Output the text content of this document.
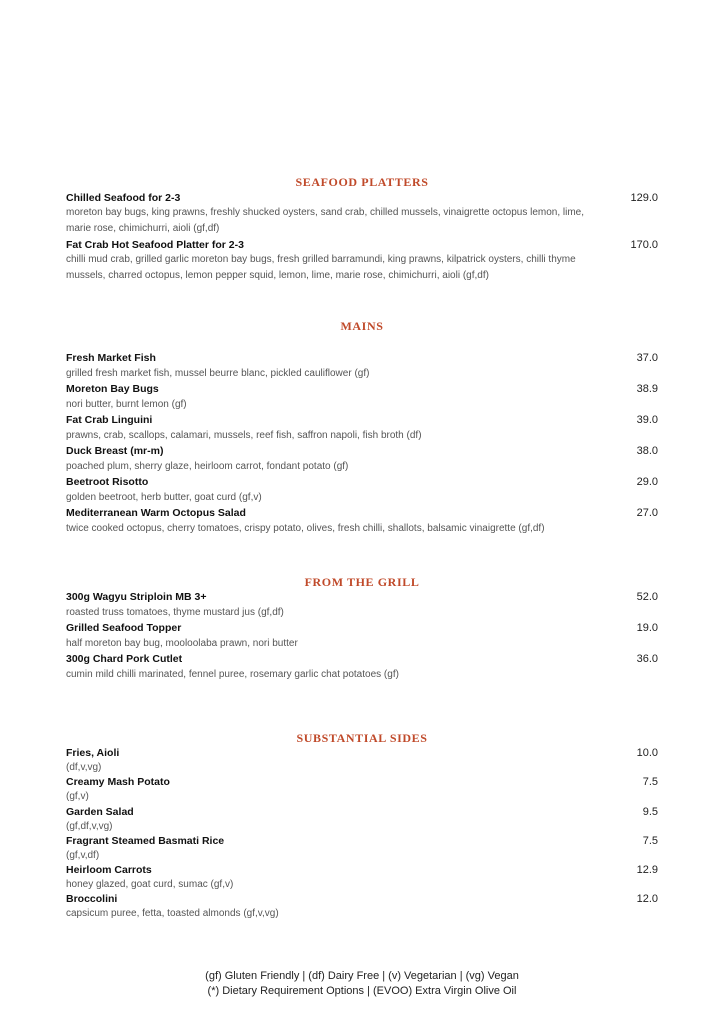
SEAFOOD PLATTERS
Chilled Seafood for 2-3	129.0
moreton bay bugs, king prawns, freshly shucked oysters, sand crab, chilled mussels, vinaigrette octopus lemon, lime, marie rose, chimichurri, aioli (gf,df)
Fat Crab Hot Seafood Platter for 2-3	170.0
chilli mud crab, grilled garlic moreton bay bugs, fresh grilled barramundi, king prawns, kilpatrick oysters, chilli thyme mussels, charred octopus, lemon pepper squid, lemon, lime, marie rose, chimichurri, aioli (gf,df)
MAINS
Fresh Market Fish	37.0
grilled fresh market fish, mussel beurre blanc, pickled cauliflower (gf)
Moreton Bay Bugs	38.9
nori butter, burnt lemon (gf)
Fat Crab Linguini	39.0
prawns, crab, scallops, calamari, mussels, reef fish, saffron napoli, fish broth (df)
Duck Breast (mr-m)	38.0
poached plum, sherry glaze, heirloom carrot, fondant potato (gf)
Beetroot Risotto	29.0
golden beetroot, herb butter, goat curd (gf,v)
Mediterranean Warm Octopus Salad	27.0
twice cooked octopus, cherry tomatoes, crispy potato, olives, fresh chilli, shallots, balsamic vinaigrette (gf,df)
FROM THE GRILL
300g Wagyu Striploin MB 3+	52.0
roasted truss tomatoes, thyme mustard jus (gf,df)
Grilled Seafood Topper	19.0
half moreton bay bug, mooloolaba prawn, nori butter
300g Chard Pork Cutlet	36.0
cumin mild chilli marinated, fennel puree, rosemary garlic chat potatoes (gf)
SUBSTANTIAL SIDES
Fries, Aioli	10.0
(df,v,vg)
Creamy Mash Potato	7.5
(gf,v)
Garden Salad	9.5
(gf,df,v,vg)
Fragrant Steamed Basmati Rice	7.5
(gf,v,df)
Heirloom Carrots	12.9
honey glazed, goat curd, sumac (gf,v)
Broccolini	12.0
capsicum puree, fetta, toasted almonds (gf,v,vg)
(gf) Gluten Friendly | (df) Dairy Free | (v) Vegetarian | (vg) Vegan
(*) Dietary Requirement Options | (EVOO) Extra Virgin Olive Oil
